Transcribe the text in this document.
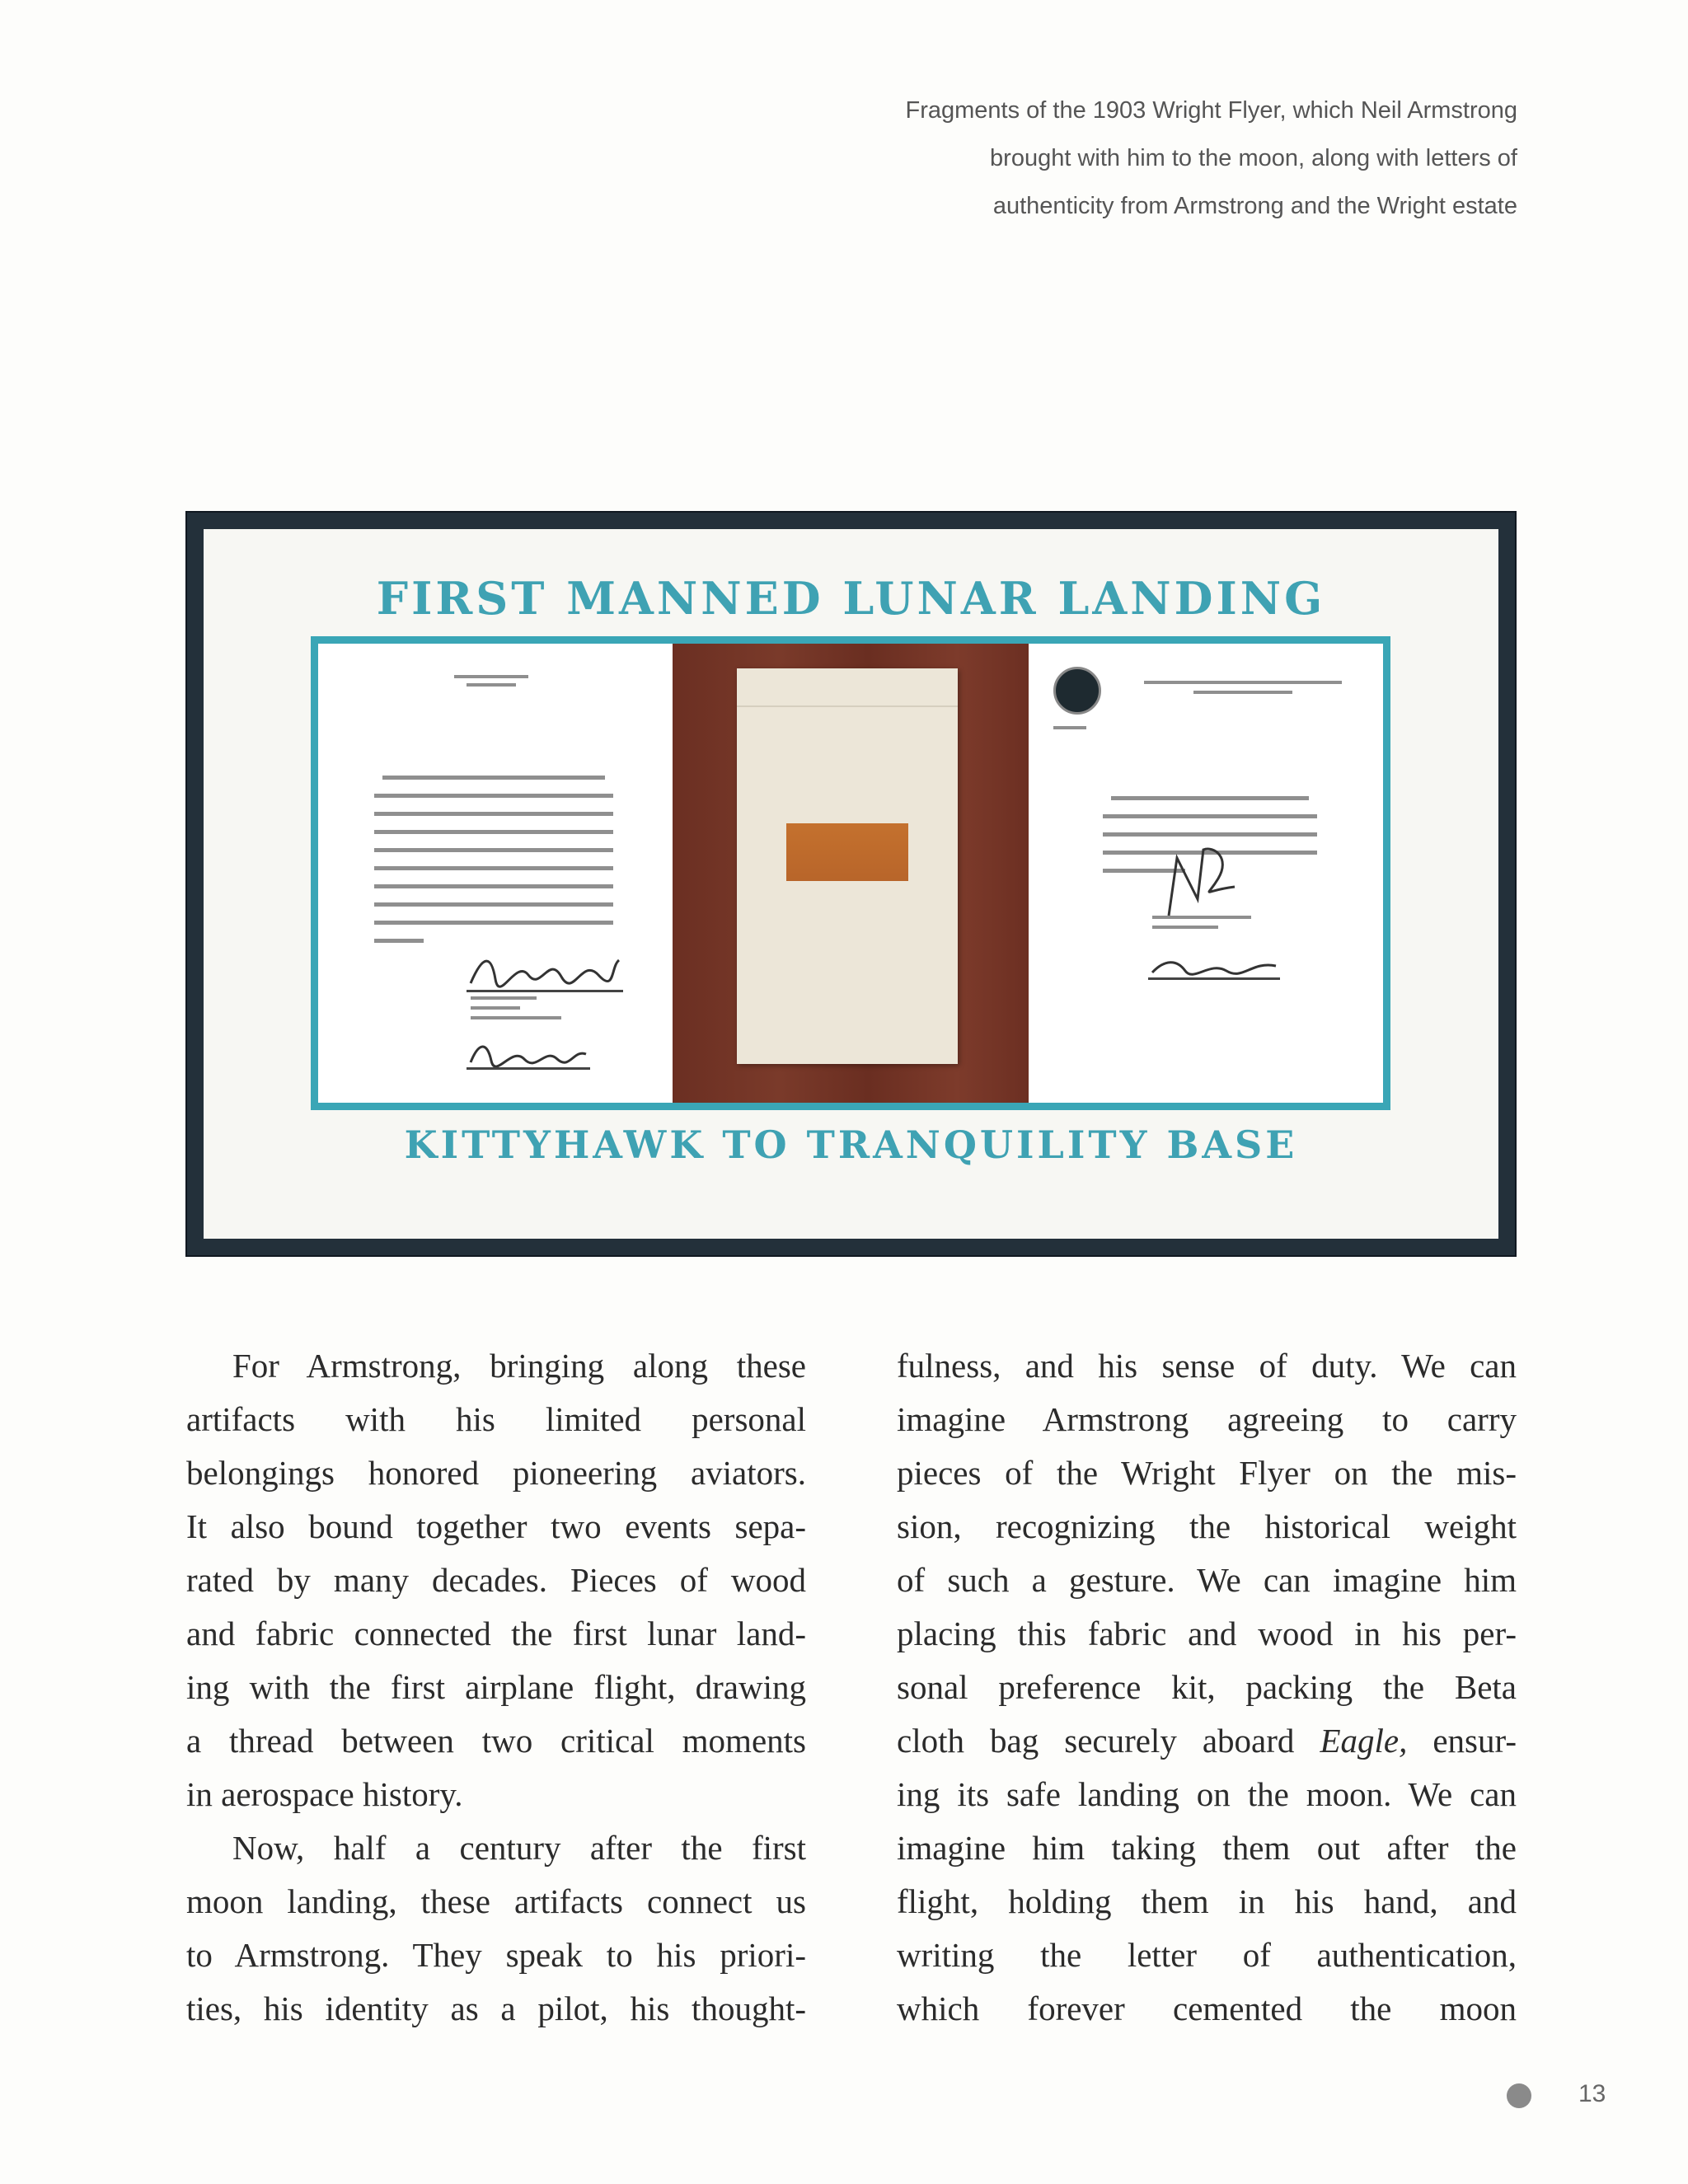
Fragments of the 1903 Wright Flyer, which Neil Armstrong
brought with him to the moon, along with letters of
authenticity from Armstrong and the Wright estate
FIRST MANNED LUNAR LANDING
KITTYHAWK TO TRANQUILITY BASE
For Armstrong, bringing along these
artifacts with his limited personal
belongings honored pioneering aviators.
It also bound together two events sepa-
rated by many decades. Pieces of wood
and fabric connected the first lunar land-
ing with the first airplane flight, drawing
a thread between two critical moments
in aerospace history.
Now, half a century after the first
moon landing, these artifacts connect us
to Armstrong. They speak to his priori-
ties, his identity as a pilot, his thought-
fulness, and his sense of duty. We can
imagine Armstrong agreeing to carry
pieces of the Wright Flyer on the mis-
sion, recognizing the historical weight
of such a gesture. We can imagine him
placing this fabric and wood in his per-
sonal preference kit, packing the Beta
cloth bag securely aboard Eagle, ensur-
ing its safe landing on the moon. We can
imagine him taking them out after the
flight, holding them in his hand, and
writing the letter of authentication,
which forever cemented the moon
13
